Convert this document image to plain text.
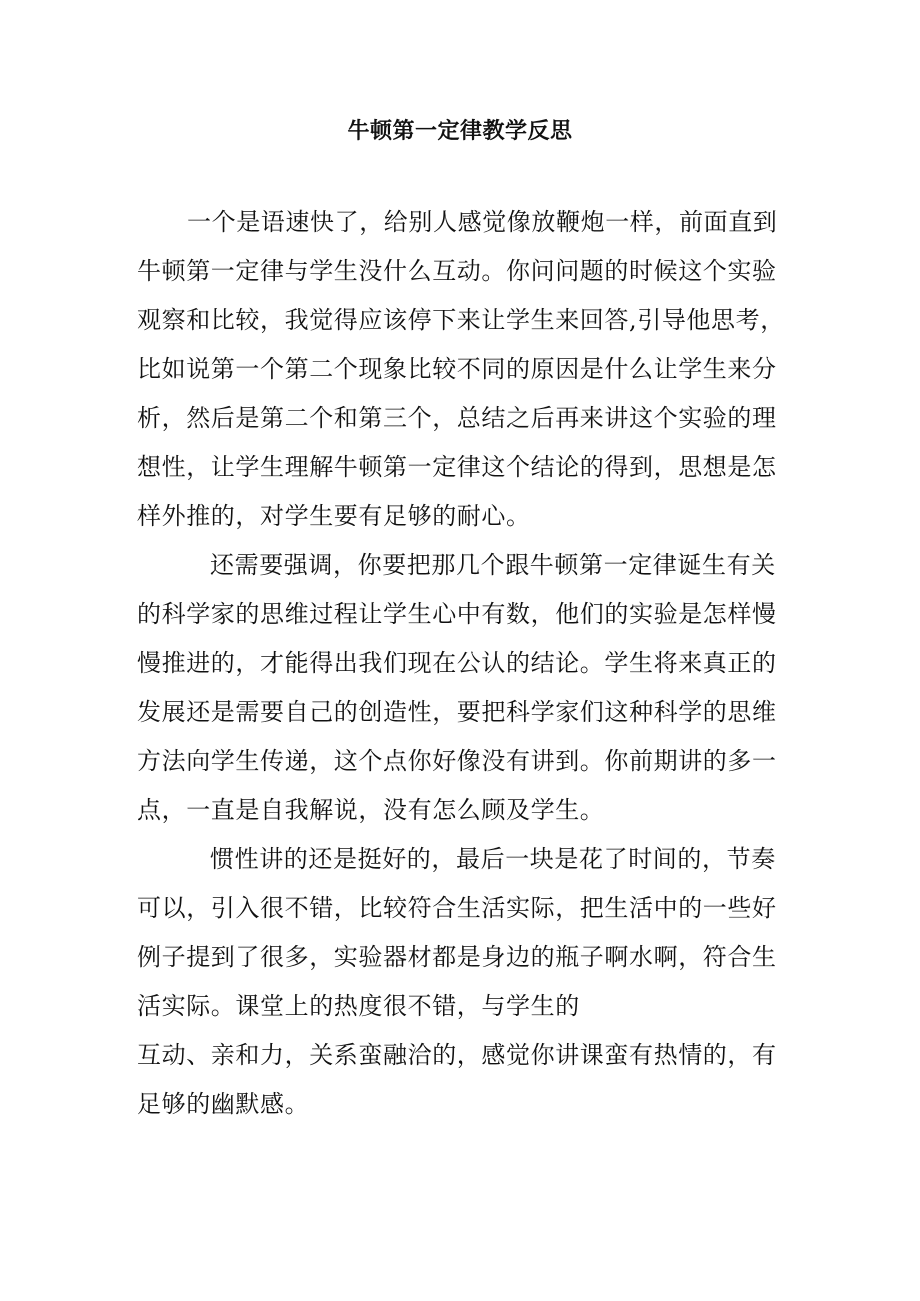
牛顿第一定律教学反思

一个是语速快了，给别人感觉像放鞭炮一样，前面直到

牛顿第一定律与学生没什么互动。你问问题的时候这个实验

观察和比较，我觉得应该停下来让学生来回答,引导他思考，

比如说第一个第二个现象比较不同的原因是什么让学生来分

析，然后是第二个和第三个，总结之后再来讲这个实验的理

想性，让学生理解牛顿第一定律这个结论的得到，思想是怎

样外推的，对学生要有足够的耐心。

还需要强调，你要把那几个跟牛顿第一定律诞生有关

的科学家的思维过程让学生心中有数，他们的实验是怎样慢

慢推进的，才能得出我们现在公认的结论。学生将来真正的

发展还是需要自己的创造性，要把科学家们这种科学的思维

方法向学生传递，这个点你好像没有讲到。你前期讲的多一

点，一直是自我解说，没有怎么顾及学生。

惯性讲的还是挺好的，最后一块是花了时间的，节奏

可以，引入很不错，比较符合生活实际，把生活中的一些好

例子提到了很多，实验器材都是身边的瓶子啊水啊，符合生

活实际。课堂上的热度很不错，与学生的

互动、亲和力，关系蛮融洽的，感觉你讲课蛮有热情的，有

足够的幽默感。
